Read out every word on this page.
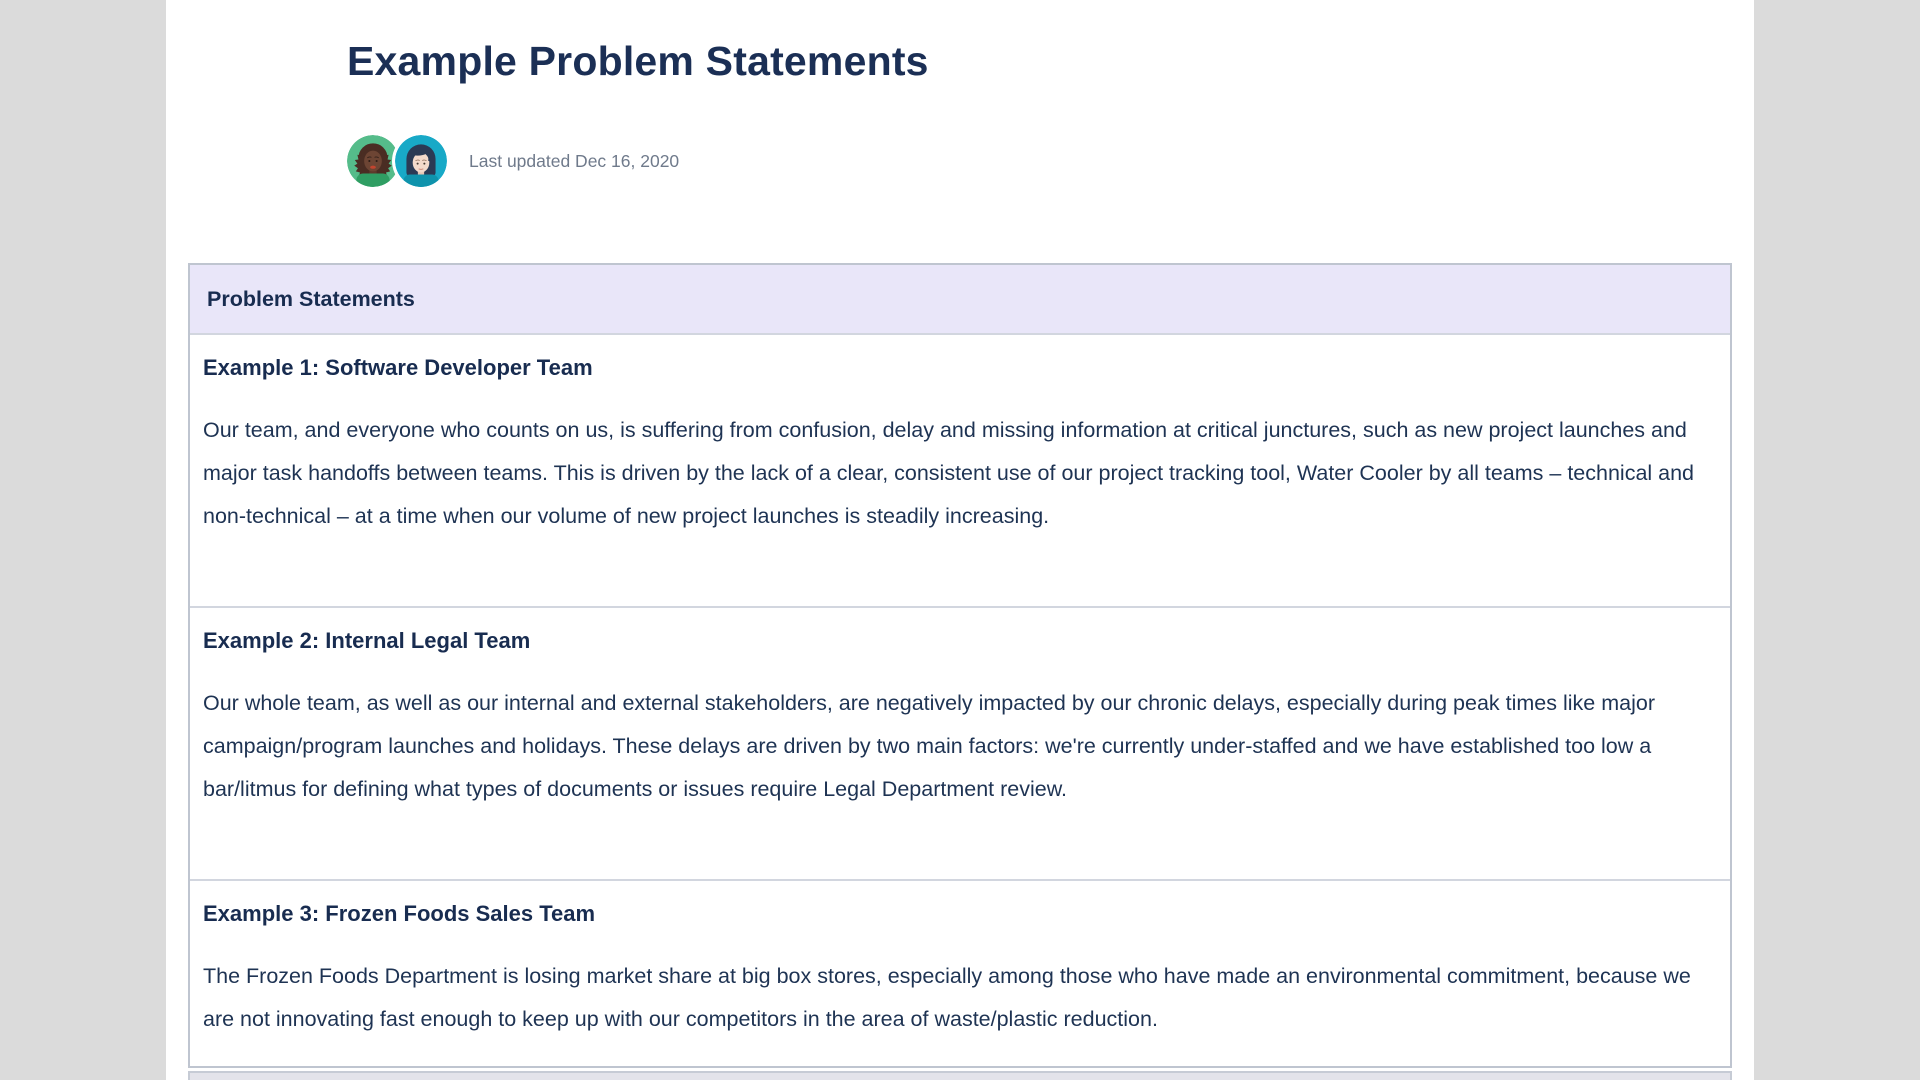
Example Problem Statements
Last updated Dec 16, 2020
Problem Statements
Example 1: Software Developer Team
Our team, and everyone who counts on us, is suffering from confusion, delay and missing information at critical junctures, such as new project launches and major task handoffs between teams. This is driven by the lack of a clear, consistent use of our project tracking tool, Water Cooler by all teams – technical and non-technical – at a time when our volume of new project launches is steadily increasing.
Example 2: Internal Legal Team
Our whole team, as well as our internal and external stakeholders, are negatively impacted by our chronic delays, especially during peak times like major campaign/program launches and holidays. These delays are driven by two main factors: we're currently under-staffed and we have established too low a bar/litmus for defining what types of documents or issues require Legal Department review.
Example 3: Frozen Foods Sales Team
The Frozen Foods Department is losing market share at big box stores, especially among those who have made an environmental commitment, because we are not innovating fast enough to keep up with our competitors in the area of waste/plastic reduction.
